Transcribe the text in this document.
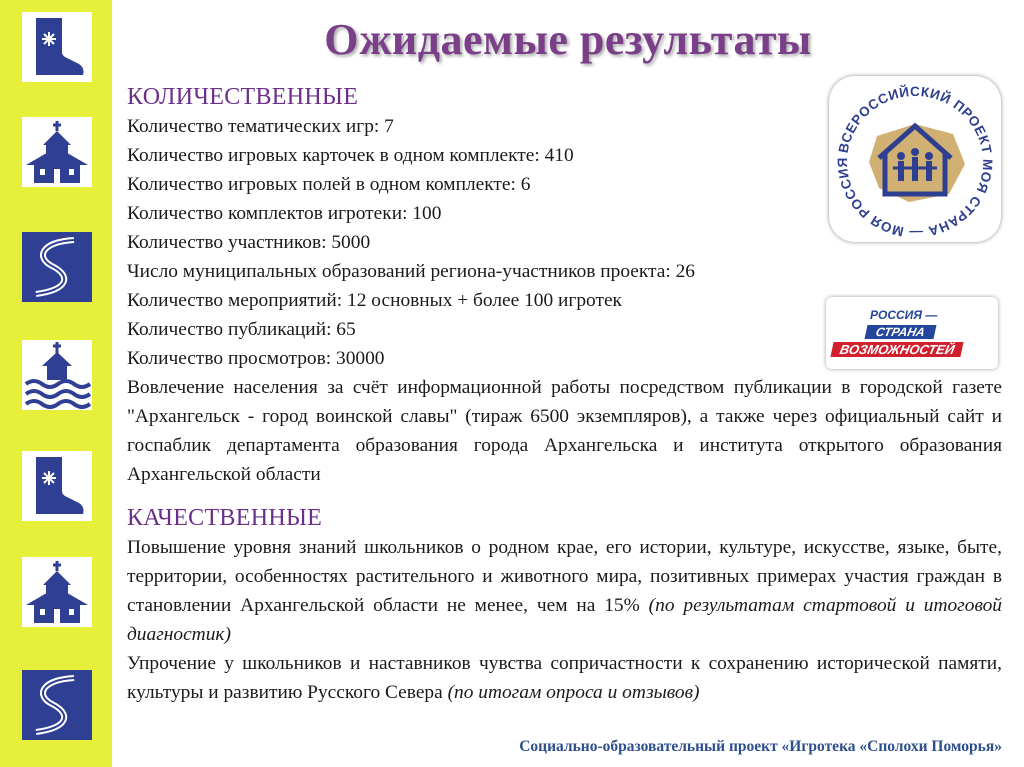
Ожидаемые результаты
КОЛИЧЕСТВЕННЫЕ
Количество тематических игр: 7
Количество игровых карточек в одном комплекте: 410
Количество игровых полей в одном комплекте: 6
Количество комплектов игротеки: 100
Количество участников: 5000
Число муниципальных образований региона-участников проекта: 26
Количество мероприятий: 12 основных + более 100 игротек
Количество публикаций: 65
Количество просмотров: 30000

Вовлечение населения за счёт информационной работы посредством публикации в городской газете "Архангельск - город воинской славы" (тираж 6500 экземпляров), а также через официальный сайт и госпаблик департамента образования города Архангельска и института открытого образования Архангельской области

КАЧЕСТВЕННЫЕ

Повышение уровня знаний школьников о родном крае, его истории, культуре, искусстве, языке, быте, территории, особенностях растительного и животного мира, позитивных примерах участия граждан в становлении Архангельской области не менее, чем на 15% (по результатам стартовой и итоговой диагностик)

Упрочение у школьников и наставников чувства сопричастности к сохранению исторической памяти, культуры и развитию Русского Севера (по итогам опроса и отзывов)

ВСЕРОССИЙСКИЙ ПРОЕКТ МОЯ СТРАНА — МОЯ РОССИЯ
РОССИЯ —
СТРАНА
ВОЗМОЖНОСТЕЙ
Социально-образовательный проект «Игротека «Сполохи Поморья»
